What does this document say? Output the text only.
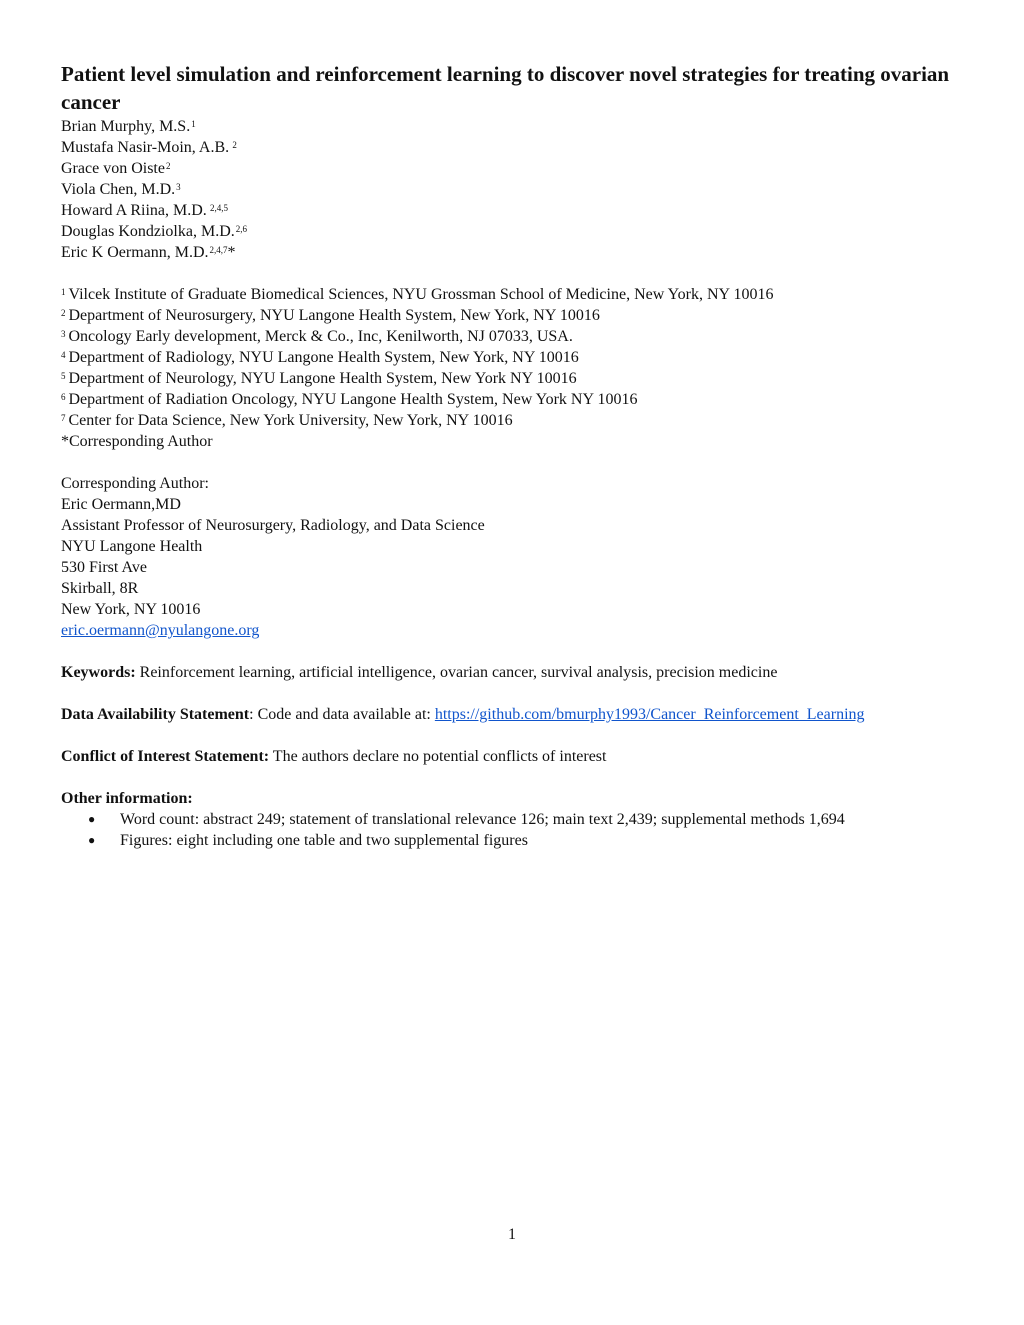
Patient level simulation and reinforcement learning to discover novel strategies for treating ovarian cancer
Brian Murphy, M.S.$^1$
Mustafa Nasir-Moin, A.B. $^2$
Grace von Oiste$^2$
Viola Chen, M.D.$^3$
Howard A Riina, M.D. $^{2,4,5}$
Douglas Kondziolka, M.D.$^{2,6}$
Eric K Oermann, M.D.$^{2,4,7}$*
$^1$ Vilcek Institute of Graduate Biomedical Sciences, NYU Grossman School of Medicine, New York, NY 10016
$^2$ Department of Neurosurgery, NYU Langone Health System, New York, NY 10016
$^3$ Oncology Early development, Merck & Co., Inc, Kenilworth, NJ 07033, USA.
$^4$ Department of Radiology, NYU Langone Health System, New York, NY 10016
$^5$ Department of Neurology, NYU Langone Health System, New York NY 10016
$^6$ Department of Radiation Oncology, NYU Langone Health System, New York NY 10016
$^7$ Center for Data Science, New York University, New York, NY 10016
*Corresponding Author
Corresponding Author:
Eric Oermann,MD
Assistant Professor of Neurosurgery, Radiology, and Data Science
NYU Langone Health
530 First Ave
Skirball, 8R
New York, NY 10016
eric.oermann@nyulangone.org
Keywords: Reinforcement learning, artificial intelligence, ovarian cancer, survival analysis, precision medicine
Data Availability Statement: Code and data available at: https://github.com/bmurphy1993/Cancer_Reinforcement_Learning
Conflict of Interest Statement: The authors declare no potential conflicts of interest
Other information:
● Word count: abstract 249; statement of translational relevance 126; main text 2,439; supplemental methods 1,694
● Figures: eight including one table and two supplemental figures
1
